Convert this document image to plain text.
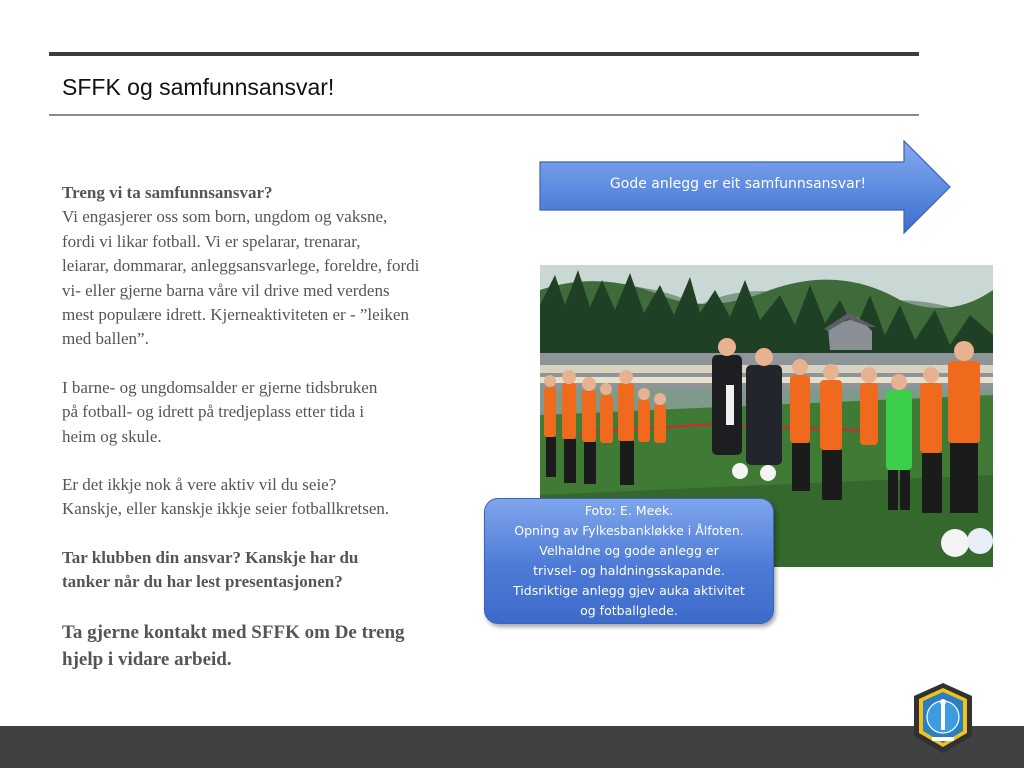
SFFK og samfunnsansvar!

Treng vi ta samfunnsansvar?
Vi engasjerer oss som born, ungdom og vaksne,
fordi vi likar fotball. Vi er spelarar, trenarar,
leiarar, dommarar, anleggsansvarlege, foreldre, fordi
vi- eller gjerne barna våre vil drive med verdens
mest populære idrett. Kjerneaktiviteten er - ”leiken
med ballen”.

I barne- og ungdomsalder er gjerne tidsbruken
på fotball- og idrett på tredjeplass etter tida i
heim og skule.

Er det ikkje nok å vere aktiv vil du seie?
Kanskje, eller kanskje ikkje seier fotballkretsen.

Tar klubben din ansvar? Kanskje har du
tanker når du har lest presentasjonen?

Ta gjerne kontakt med SFFK om De treng
hjelp i vidare arbeid.

Gode anlegg er eit samfunnsansvar!
Foto: E. Meek.
Opning av Fylkesbankløkke i Ålfoten.
Velhaldne og gode anlegg er
trivsel- og haldningsskapande.
Tidsriktige anlegg gjev auka aktivitet
og fotballglede.
